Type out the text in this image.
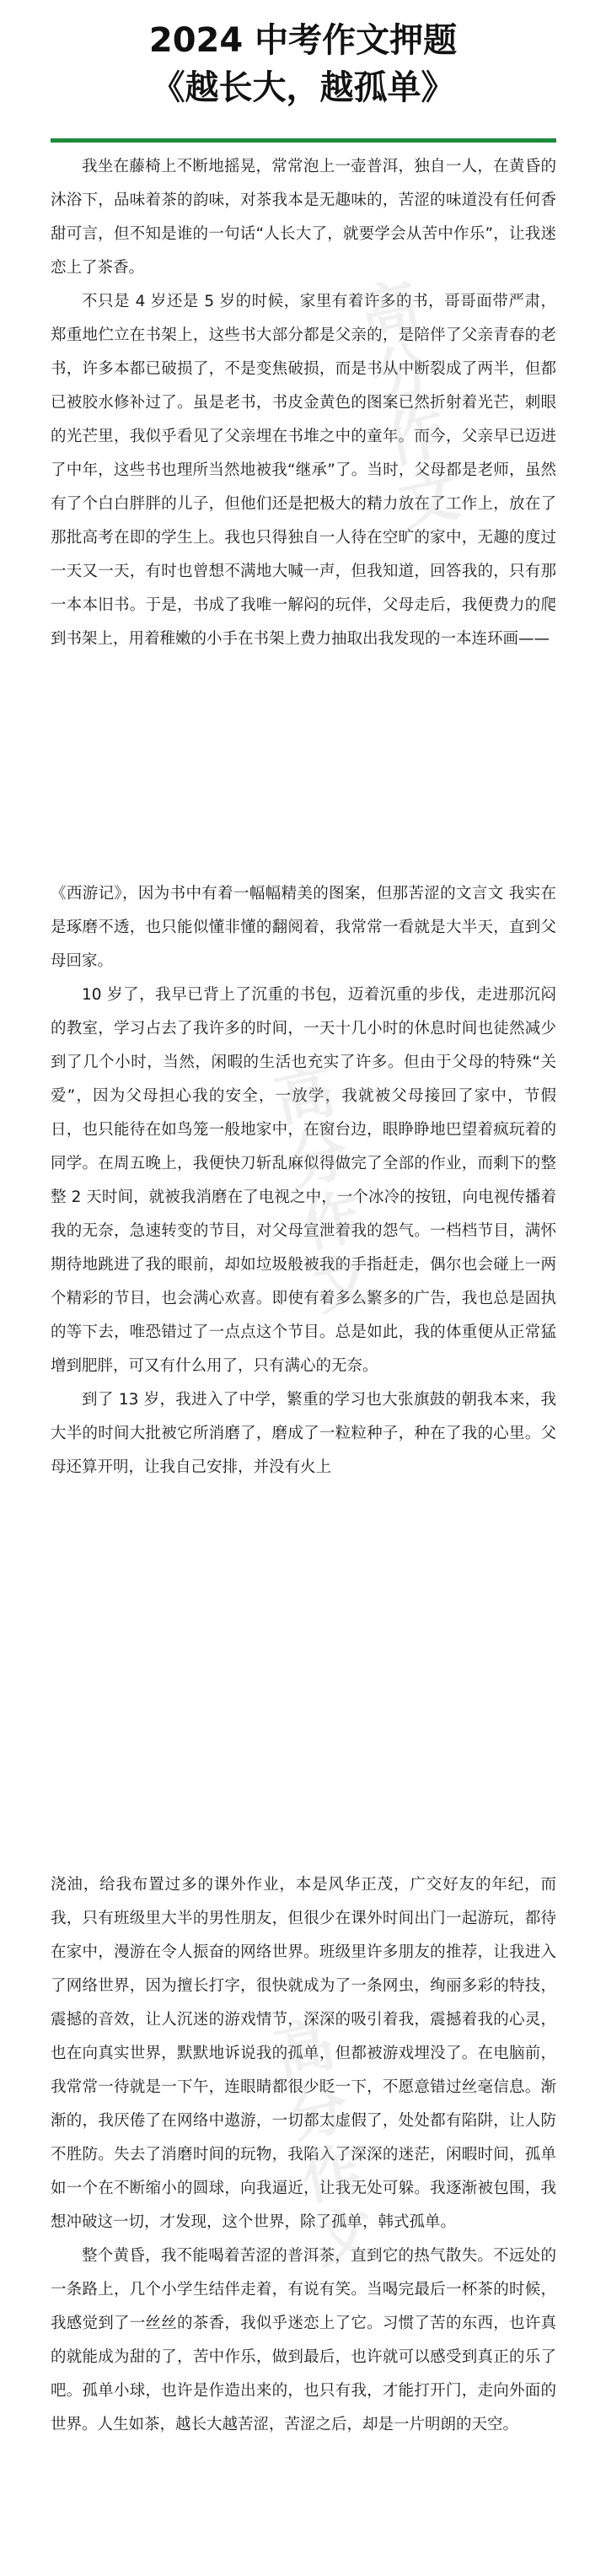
2024 中考作文押题
《越长大，越孤单》

我坐在藤椅上不断地摇晃，常常泡上一壶普洱，独自一人，在黄昏的沐浴下，品味着茶的韵味，对茶我本是无趣味的，苦涩的味道没有任何香甜可言，但不知是谁的一句话“人长大了，就要学会从苦中作乐”，让我迷恋上了茶香。

不只是 4 岁还是 5 岁的时候，家里有着许多的书，哥哥面带严肃，郑重地伫立在书架上，这些书大部分都是父亲的，是陪伴了父亲青春的老书，许多本都已破损了，不是变焦破损，而是书从中断裂成了两半，但都已被胶水修补过了。虽是老书，书皮金黄色的图案已然折射着光芒，刺眼的光芒里，我似乎看见了父亲埋在书堆之中的童年。而今，父亲早已迈进了中年，这些书也理所当然地被我“继承”了。当时，父母都是老师，虽然有了个白白胖胖的儿子，但他们还是把极大的精力放在了工作上，放在了那批高考在即的学生上。我也只得独自一人待在空旷的家中，无趣的度过一天又一天，有时也曾想不满地大喊一声，但我知道，回答我的，只有那一本本旧书。于是，书成了我唯一解闷的玩伴，父母走后，我便费力的爬到书架上，用着稚嫩的小手在书架上费力抽取出我发现的一本连环画——

《西游记》，因为书中有着一幅幅精美的图案，但那苦涩的文言文 我实在是琢磨不透，也只能似懂非懂的翻阅着，我常常一看就是大半天，直到父母回家。

10 岁了，我早已背上了沉重的书包，迈着沉重的步伐，走进那沉闷的教室，学习占去了我许多的时间，一天十几小时的休息时间也徒然减少到了几个小时，当然，闲暇的生活也充实了许多。但由于父母的特殊“关爱”，因为父母担心我的安全，一放学，我就被父母接回了家中，节假日，也只能待在如鸟笼一般地家中，在窗台边，眼睁睁地巴望着疯玩着的同学。在周五晚上，我便快刀斩乱麻似得做完了全部的作业，而剩下的整整 2 天时间，就被我消磨在了电视之中，一个冰冷的按钮，向电视传播着我的无奈，急速转变的节目，对父母宣泄着我的怨气。一档档节目，满怀期待地跳进了我的眼前，却如垃圾般被我的手指赶走，偶尔也会碰上一两个精彩的节目，也会满心欢喜。即使有着多么繁多的广告，我也总是固执的等下去，唯恐错过了一点点这个节目。总是如此，我的体重便从正常猛增到肥胖，可又有什么用了，只有满心的无奈。

到了 13 岁，我进入了中学，繁重的学习也大张旗鼓的朝我本来，我大半的时间大批被它所消磨了，磨成了一粒粒种子，种在了我的心里。父母还算开明，让我自己安排，并没有火上

浇油，给我布置过多的课外作业，本是风华正茂，广交好友的年纪，而我，只有班级里大半的男性朋友，但很少在课外时间出门一起游玩，都待在家中，漫游在令人振奋的网络世界。班级里许多朋友的推荐，让我进入了网络世界，因为擅长打字，很快就成为了一条网虫，绚丽多彩的特技，震撼的音效，让人沉迷的游戏情节，深深的吸引着我，震撼着我的心灵，也在向真实世界，默默地诉说我的孤单，但都被游戏埋没了。在电脑前，我常常一待就是一下午，连眼睛都很少眨一下，不愿意错过丝毫信息。渐渐的，我厌倦了在网络中遨游，一切都太虚假了，处处都有陷阱，让人防不胜防。失去了消磨时间的玩物，我陷入了深深的迷茫，闲暇时间，孤单如一个在不断缩小的圆球，向我逼近，让我无处可躲。我逐渐被包围，我想冲破这一切，才发现，这个世界，除了孤单，韩式孤单。

整个黄昏，我不能喝着苦涩的普洱茶，直到它的热气散失。不远处的一条路上，几个小学生结伴走着，有说有笑。当喝完最后一杯茶的时候，我感觉到了一丝丝的茶香，我似乎迷恋上了它。习惯了苦的东西，也许真的就能成为甜的了，苦中作乐，做到最后，也许就可以感受到真正的乐了吧。孤单小球，也许是作造出来的，也只有我，才能打开门，走向外面的世界。人生如茶，越长大越苦涩，苦涩之后，却是一片明朗的天空。

高分作文
高分作文
高分作文
